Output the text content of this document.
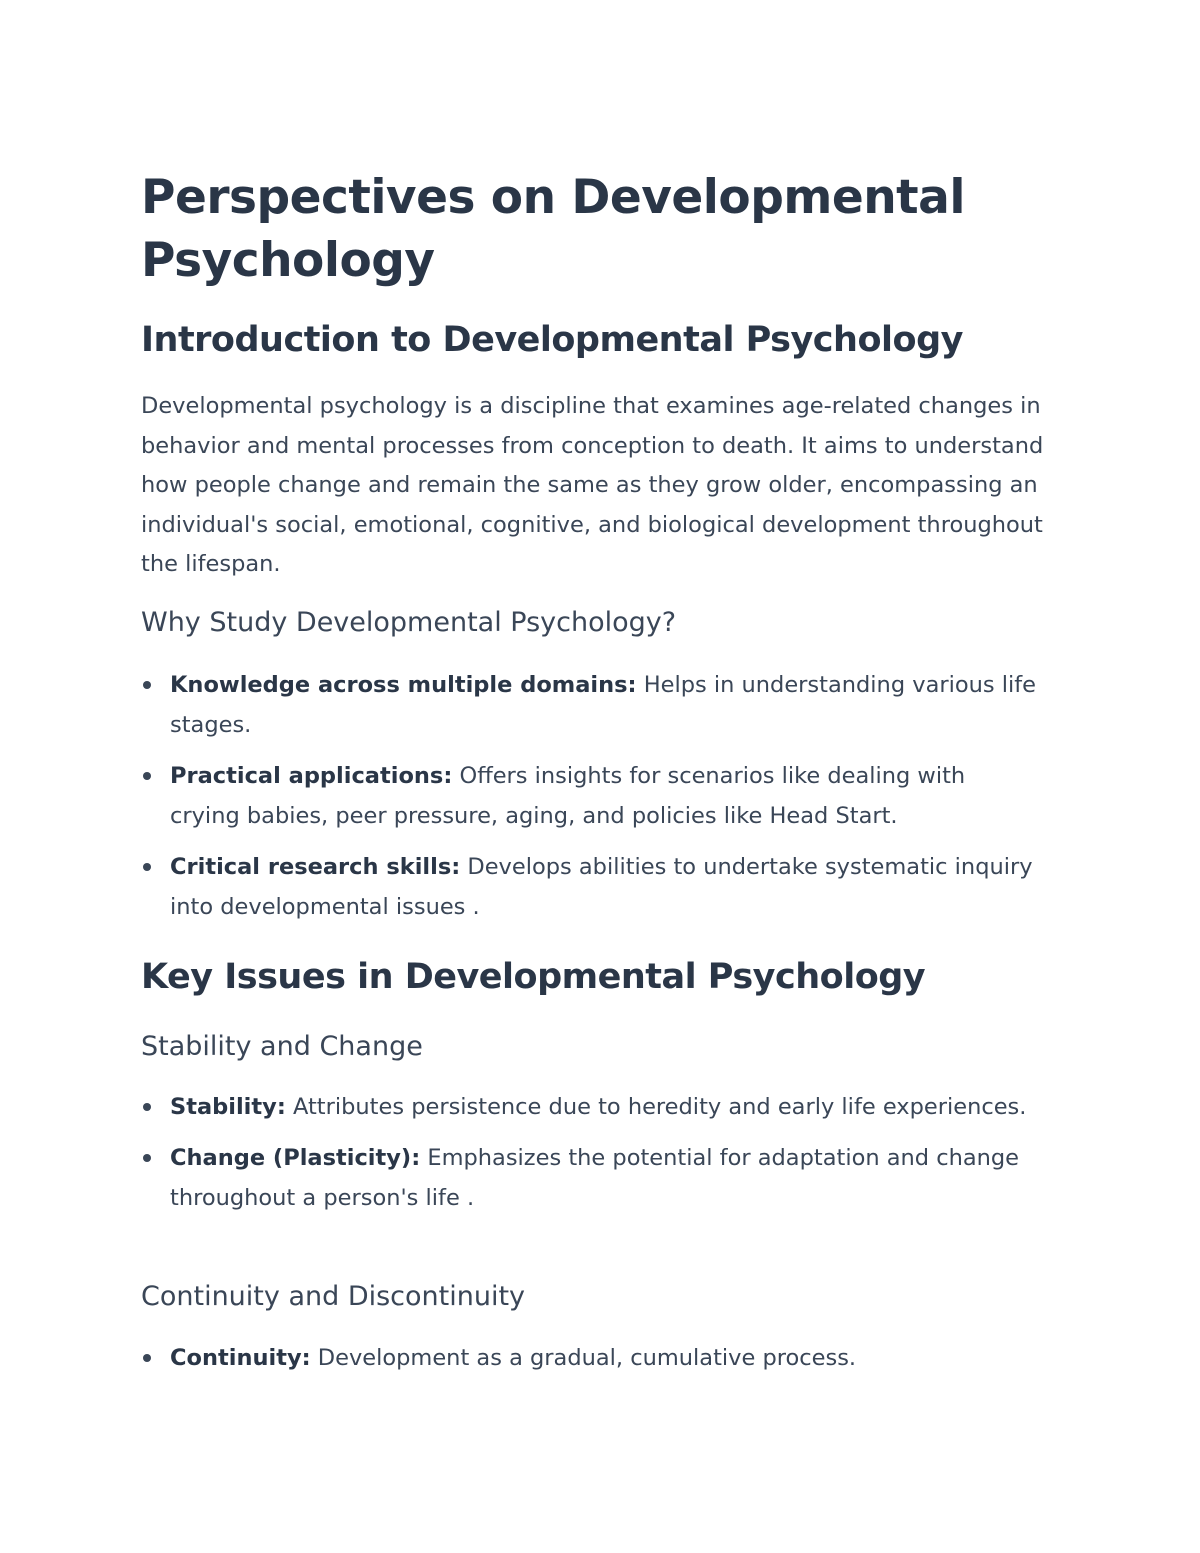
Perspectives on Developmental Psychology
Introduction to Developmental Psychology

Developmental psychology is a discipline that examines age-related changes in behavior and mental processes from conception to death. It aims to understand how people change and remain the same as they grow older, encompassing an individual's social, emotional, cognitive, and biological development throughout the lifespan.

Why Study Developmental Psychology?
Knowledge across multiple domains: Helps in understanding various life stages.
Practical applications: Offers insights for scenarios like dealing with crying babies, peer pressure, aging, and policies like Head Start.
Critical research skills: Develops abilities to undertake systematic inquiry into developmental issues .
Key Issues in Developmental Psychology
Stability and Change
Stability: Attributes persistence due to heredity and early life experiences.
Change (Plasticity): Emphasizes the potential for adaptation and change throughout a person's life .
Continuity and Discontinuity
Continuity: Development as a gradual, cumulative process.
